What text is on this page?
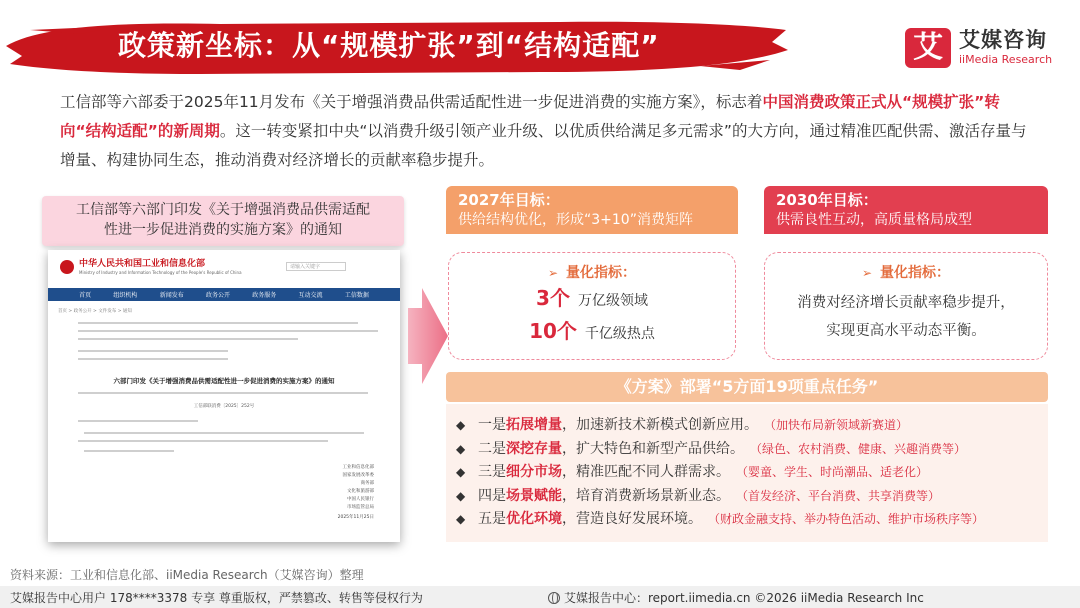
政策新坐标：从“规模扩张”到“结构适配”	艾 艾媒咨询
iiMedia Research

工信部等六部委于2025年11月发布《关于增强消费品供需适配性进一步促进消费的实施方案》，标志着中国消费政策正式从“规模扩张”转向“结构适配”的新周期。这一转变紧扣中央“以消费升级引领产业升级、以优质供给满足多元需求”的大方向，通过精准匹配供需、激活存量与增量、构建协同生态，推动消费对经济增长的贡献率稳步提升。

工信部等六部门印发《关于增强消费品供需适配
性进一步促进消费的实施方案》的通知
中华人民共和国工业和信息化部
Ministry of Industry and Information Technology of the People's Republic of China
请输入关键字
首页	组织机构	新闻发布	政务公开	政务服务	互动交流	工信数据
首页 > 政务公开 > 文件发布 > 通知
六部门印发《关于增强消费品供需适配性进一步促进消费的实施方案》的通知
工信部联消费〔2025〕252号
工业和信息化部
国家发展改革委
商务部
文化和旅游部
中国人民银行
市场监管总局
2025年11月25日
2027年目标：
供给结构优化，形成“3+10”消费矩阵
➢ 量化指标：
3个 万亿级领域
10个 千亿级热点
2030年目标：
供需良性互动，高质量格局成型
➢ 量化指标：
消费对经济增长贡献率稳步提升，
实现更高水平动态平衡。
《方案》部署“5方面19项重点任务”
◆ 一是 拓展增量 ，加速新技术新模式创新应用。 （加快布局新领域新赛道）
◆ 二是 深挖存量 ，扩大特色和新型产品供给。 （绿色、农村消费、健康、兴趣消费等）
◆ 三是 细分市场 ，精准匹配不同人群需求。 （婴童、学生、时尚潮品、适老化）
◆ 四是 场景赋能 ，培育消费新场景新业态。 （首发经济、平台消费、共享消费等）
◆ 五是 优化环境 ，营造良好发展环境。 （财政金融支持、举办特色活动、维护市场秩序等）
资料来源：工业和信息化部、iiMedia Research（艾媒咨询）整理
艾媒报告中心用户 178****3378 专享 尊重版权，严禁篡改、转售等侵权行为	艾媒报告中心：report.iimedia.cn ©2026 iiMedia Research Inc
